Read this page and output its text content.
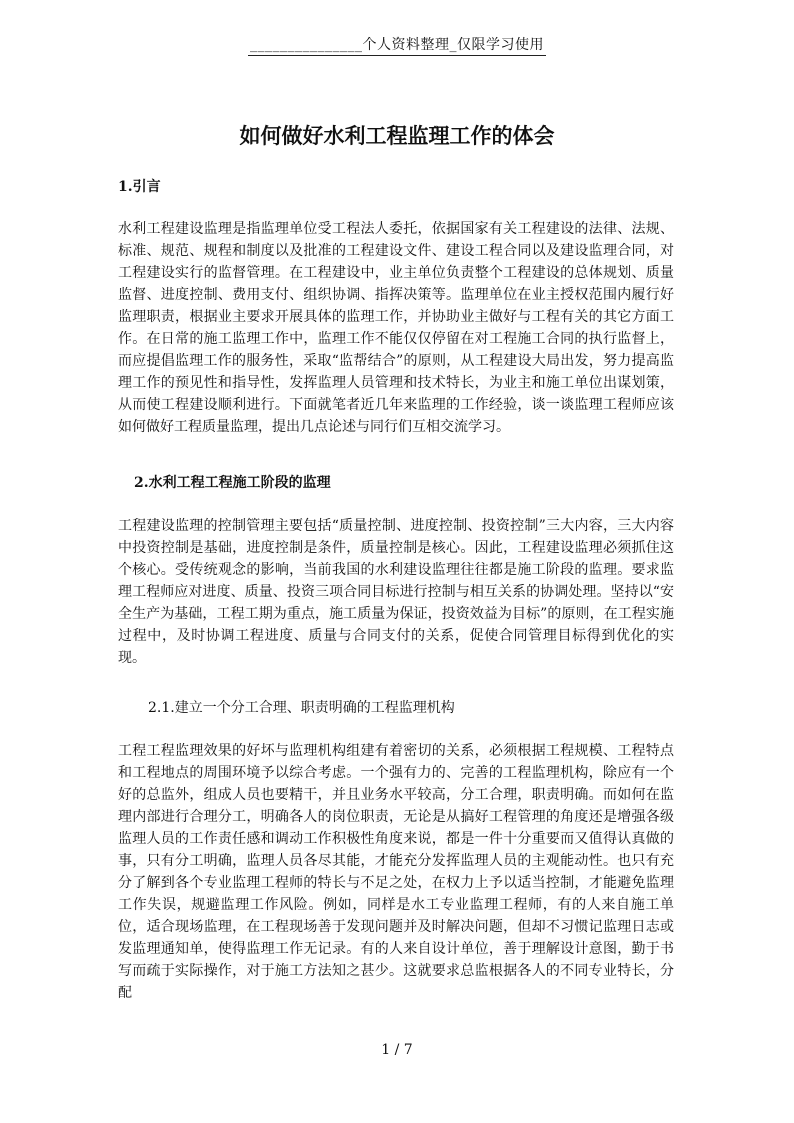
_______________个人资料整理_仅限学习使用
如何做好水利工程监理工作的体会
1.引言

水利工程建设监理是指监理单位受工程法人委托，依据国家有关工程建设的法律、法规、标准、规范、规程和制度以及批准的工程建设文件、建设工程合同以及建设监理合同，对工程建设实行的监督管理。在工程建设中，业主单位负责整个工程建设的总体规划、质量监督、进度控制、费用支付、组织协调、指挥决策等。监理单位在业主授权范围内履行好监理职责，根据业主要求开展具体的监理工作，并协助业主做好与工程有关的其它方面工作。在日常的施工监理工作中，监理工作不能仅仅停留在对工程施工合同的执行监督上，而应提倡监理工作的服务性，采取“监帮结合”的原则，从工程建设大局出发，努力提高监理工作的预见性和指导性，发挥监理人员管理和技术特长，为业主和施工单位出谋划策，从而使工程建设顺利进行。下面就笔者近几年来监理的工作经验，谈一谈监理工程师应该如何做好工程质量监理，提出几点论述与同行们互相交流学习。

2.水利工程工程施工阶段的监理

工程建设监理的控制管理主要包括“质量控制、进度控制、投资控制”三大内容，三大内容中投资控制是基础，进度控制是条件，质量控制是核心。因此，工程建设监理必须抓住这个核心。受传统观念的影响，当前我国的水利建设监理往往都是施工阶段的监理。要求监理工程师应对进度、质量、投资三项合同目标进行控制与相互关系的协调处理。坚持以“安全生产为基础，工程工期为重点，施工质量为保证，投资效益为目标”的原则，在工程实施过程中，及时协调工程进度、质量与合同支付的关系，促使合同管理目标得到优化的实现。

2.1.建立一个分工合理、职责明确的工程监理机构

工程工程监理效果的好坏与监理机构组建有着密切的关系，必须根据工程规模、工程特点和工程地点的周围环境予以综合考虑。一个强有力的、完善的工程监理机构，除应有一个好的总监外，组成人员也要精干，并且业务水平较高，分工合理，职责明确。而如何在监理内部进行合理分工，明确各人的岗位职责，无论是从搞好工程管理的角度还是增强各级监理人员的工作责任感和调动工作积极性角度来说，都是一件十分重要而又值得认真做的事，只有分工明确，监理人员各尽其能，才能充分发挥监理人员的主观能动性。也只有充分了解到各个专业监理工程师的特长与不足之处，在权力上予以适当控制，才能避免监理工作失误，规避监理工作风险。例如，同样是水工专业监理工程师，有的人来自施工单位，适合现场监理，在工程现场善于发现问题并及时解决问题，但却不习惯记监理日志或发监理通知单，使得监理工作无记录。有的人来自设计单位，善于理解设计意图，勤于书写而疏于实际操作，对于施工方法知之甚少。这就要求总监根据各人的不同专业特长，分配

1 / 7
